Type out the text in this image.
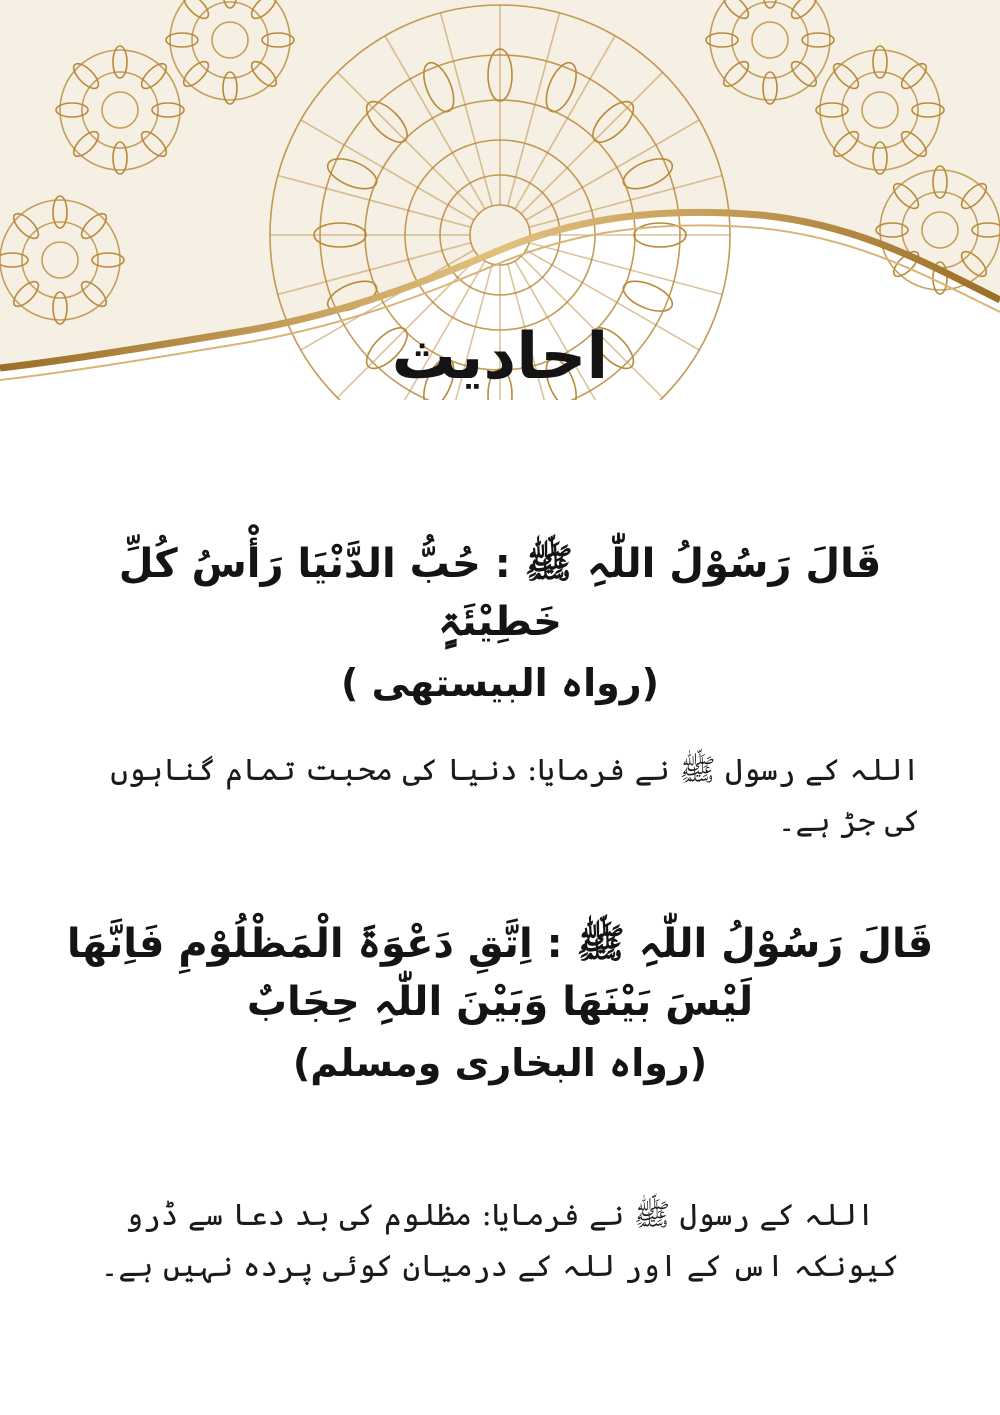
احادیث

قَالَ رَسُوْلُ اللّٰہِ ﷺ : حُبُّ الدَّنْیَا رَأْسُ کُلِّ خَطِیْئَۃٍ

(رواہ البیستھی )

اللہ کے رسول ﷺ نے فرمایا: دنیا کی محبت تمام گناہوں کی جڑ ہے۔

قَالَ رَسُوْلُ اللّٰہِ ﷺ : اِتَّقِ دَعْوَۃَ الْمَظْلُوْمِ فَاِنَّھَا لَیْسَ بَیْنَھَا وَبَیْنَ اللّٰہِ حِجَابٌ

(رواہ البخاری ومسلم)

اللہ کے رسول ﷺ نے فرمایا: مظلوم کی بد دعا سے ڈرو کیونکہ اس کے اور للہ کے درمیان کوئی پردہ نہیں ہے۔
